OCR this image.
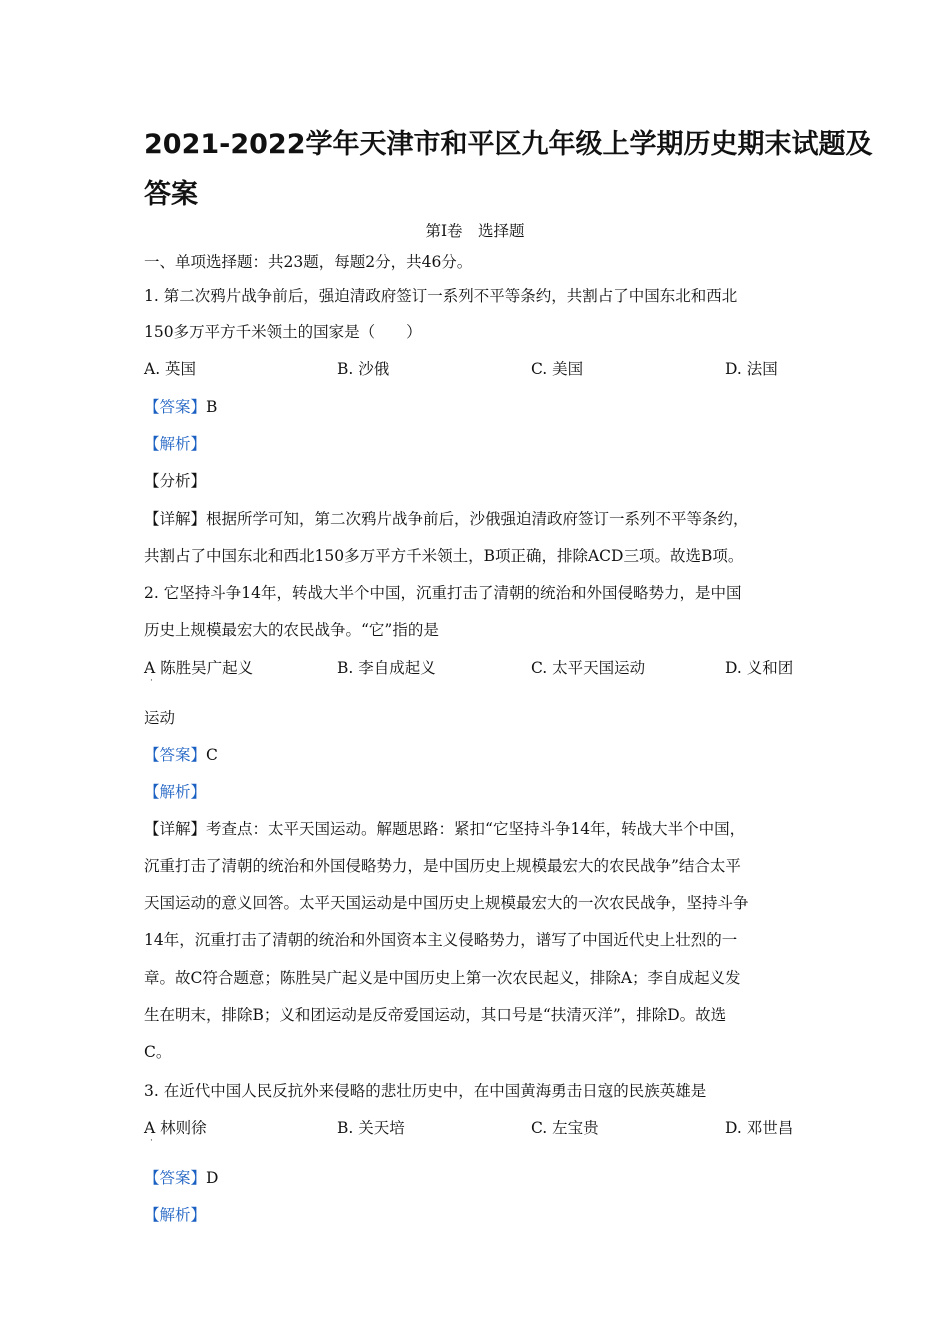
2021-2022学年天津市和平区九年级上学期历史期末试题及
答案
第Ⅰ卷　选择题
一、单项选择题：共23题，每题2分，共46分。
1. 第二次鸦片战争前后，强迫清政府签订一系列不平等条约，共割占了中国东北和西北
150多万平方千米领土的国家是（　　）
A. 英国	B. 沙俄	C. 美国	D. 法国
【答案】B
【解析】
【分析】
【详解】根据所学可知，第二次鸦片战争前后，沙俄强迫清政府签订一系列不平等条约，
共割占了中国东北和西北150多万平方千米领土，B项正确，排除ACD三项。故选B项。
2. 它坚持斗争14年，转战大半个中国，沉重打击了清朝的统治和外国侵略势力，是中国
历史上规模最宏大的农民战争。“它”指的是
A 陈胜吴广起义	B. 李自成起义	C. 太平天国运动	D. 义和团
·
运动
【答案】C
【解析】
【详解】考查点：太平天国运动。解题思路：紧扣“它坚持斗争14年，转战大半个中国，
沉重打击了清朝的统治和外国侵略势力，是中国历史上规模最宏大的农民战争”结合太平
天国运动的意义回答。太平天国运动是中国历史上规模最宏大的一次农民战争，坚持斗争
14年，沉重打击了清朝的统治和外国资本主义侵略势力，谱写了中国近代史上壮烈的一
章。故C符合题意；陈胜吴广起义是中国历史上第一次农民起义，排除A；李自成起义发
生在明末，排除B；义和团运动是反帝爱国运动，其口号是“扶清灭洋”，排除D。故选
C。
3. 在近代中国人民反抗外来侵略的悲壮历史中，在中国黄海勇击日寇的民族英雄是
A 林则徐	B. 关天培	C. 左宝贵	D. 邓世昌
·
【答案】D
【解析】
